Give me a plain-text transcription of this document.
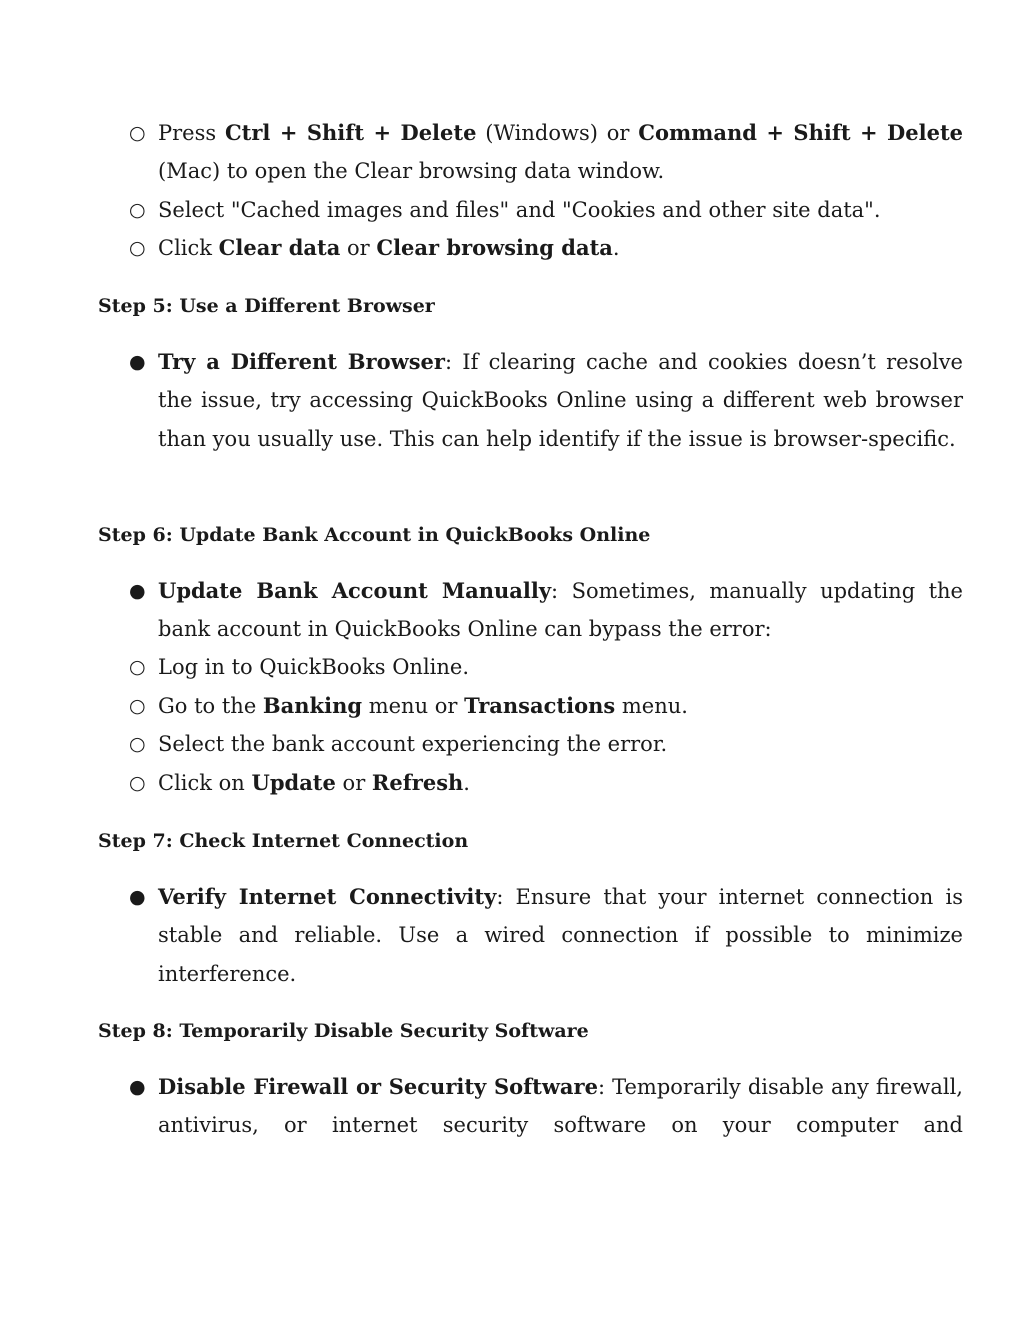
○ Press Ctrl + Shift + Delete (Windows) or Command + Shift + Delete (Mac) to open the Clear browsing data window.
○ Select "Cached images and files" and "Cookies and other site data".
○ Click Clear data or Clear browsing data.
Step 5: Use a Different Browser
● Try a Different Browser: If clearing cache and cookies doesn’t resolve the issue, try accessing QuickBooks Online using a different web browser than you usually use. This can help identify if the issue is browser-specific.
Step 6: Update Bank Account in QuickBooks Online
● Update Bank Account Manually: Sometimes, manually updating the bank account in QuickBooks Online can bypass the error:
○ Log in to QuickBooks Online.
○ Go to the Banking menu or Transactions menu.
○ Select the bank account experiencing the error.
○ Click on Update or Refresh.
Step 7: Check Internet Connection
● Verify Internet Connectivity: Ensure that your internet connection is stable and reliable. Use a wired connection if possible to minimize interference.
Step 8: Temporarily Disable Security Software
● Disable Firewall or Security Software: Temporarily disable any firewall, antivirus, or internet security software on your computer and
